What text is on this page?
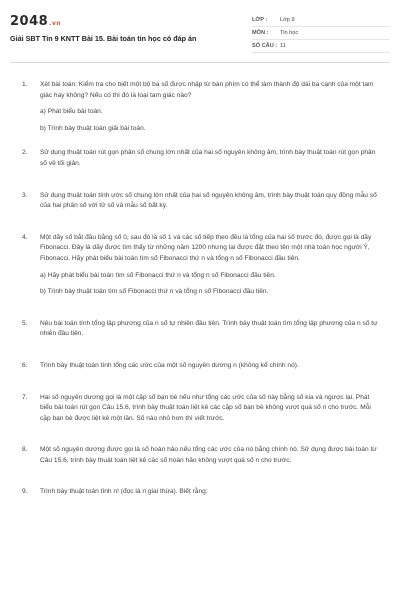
2048.vn
Giải SBT Tin 9 KNTT Bài 15. Bài toán tin học có đáp án
LỚP :	Lớp 9
MÔN :	Tin học
SỐ CÂU : 11
1. Xét bài toán: Kiểm tra cho biết một bộ ba số được nhập từ bàn phím có thể làm thành độ dài ba cạnh của một tam giác hay không? Nếu có thì đó là loại tam giác nào?
a) Phát biểu bài toán.
b) Trình bày thuật toán giải bài toán.
2. Sử dụng thuật toán rút gọn phân số chung lớn nhất của hai số nguyên không âm, trình bày thuật toán rút gọn phân số về tối giản.
3. Sử dụng thuật toán tính ước số chung lớn nhất của hai số nguyên không âm, trình bày thuật toán quy đồng mẫu số của hai phân số với tử số và mẫu số bất kỳ.
4. Một dãy số bắt đầu bằng số 0, sau đó là số 1 và các số tiếp theo đều là tổng của hai số trước đó, được gọi là dãy Fibonacci. Đây là dãy được tìm thấy từ những năm 1200 nhưng lại được đặt theo tên một nhà toán học người Ý, Fibonacci. Hãy phát biểu bài toán tìm số Fibonacci thứ n và tổng n số Fibonacci đầu tiên.
a) Hãy phát biểu bài toán tìm số Fibonacci thứ n và tổng n số Fibonacci đầu tiên.
b) Trình bày thuật toán tìm số Fibonacci thứ n và tổng n số Fibonacci đầu tiên.
5. Nêu bài toán tính tổng lập phương của n số tự nhiên đầu tiên. Trình bày thuật toán tìm tổng lập phương của n số tự nhiên đầu tiên.
6. Trình bày thuật toán tính tổng các ước của một số nguyên dương n (không kể chính nó).
7. Hai số nguyên dương gọi là một cặp số bạn bè nếu như tổng các ước của số này bằng số kia và ngược lại. Phát biểu bài toán rút gọn Câu 15.6, trình bày thuật toán liệt kê các cặp số bạn bè không vượt quá số n cho trước. Mỗi cặp bạn bè được liệt kê một lần. Số nào nhỏ hơn thì viết trước.
8. Một số nguyên dương được gọi là số hoàn hảo nếu tổng các ước của nó bằng chính nó. Sử dụng được bài toán từ Câu 15.6, trình bày thuật toán liệt kê các số hoàn hảo không vượt quá số n cho trước.
9. Trình bày thuật toán tính n! (đọc là n giai thừa). Biết rằng:
